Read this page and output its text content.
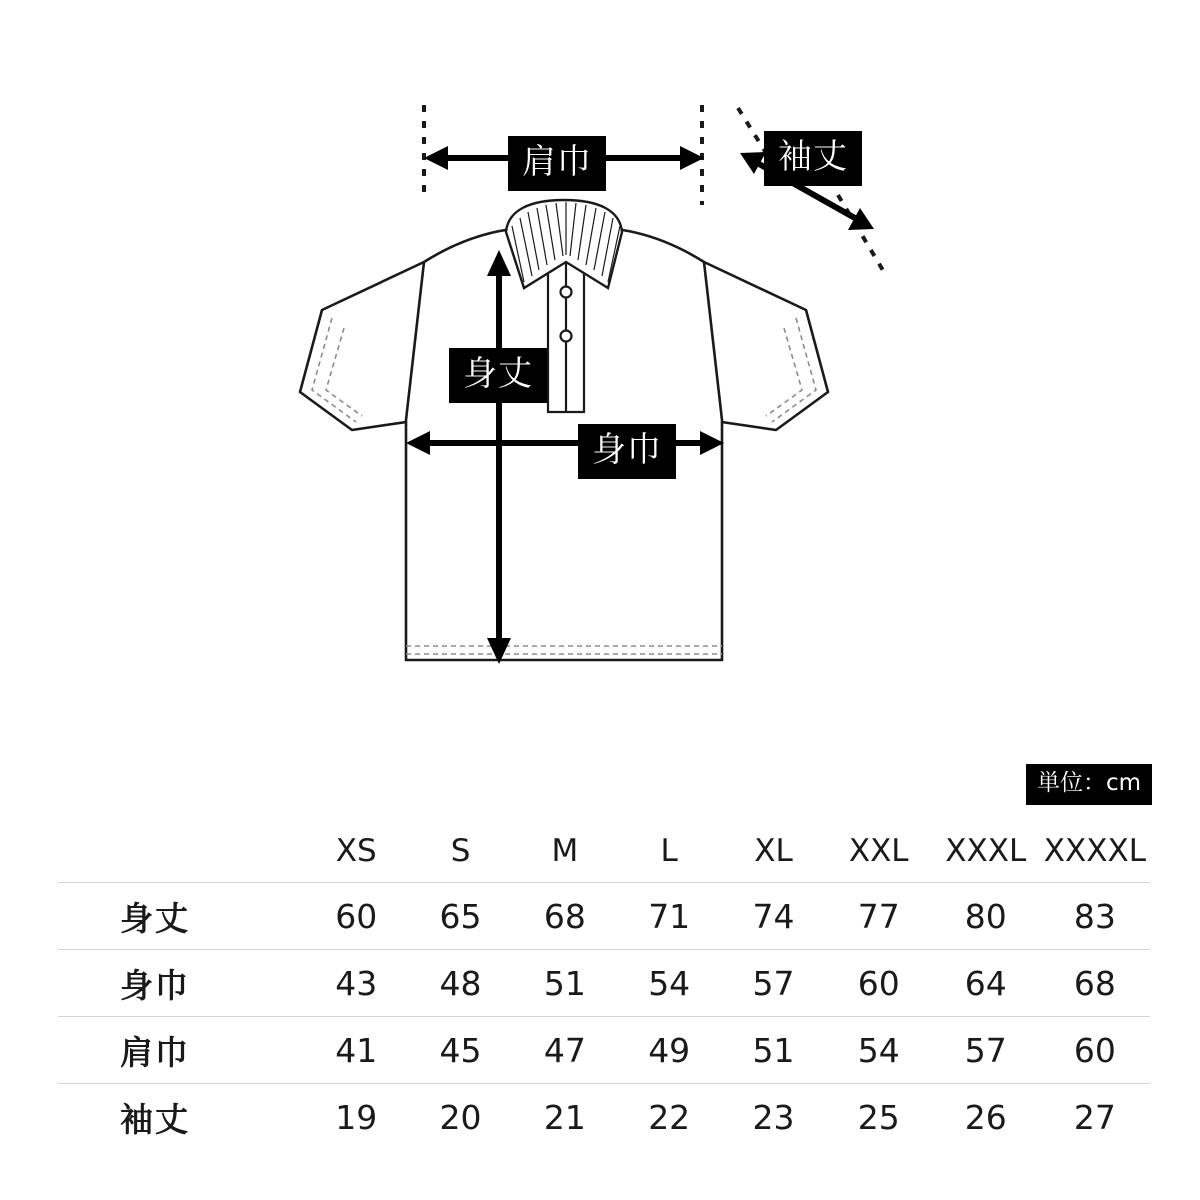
肩巾	袖丈
身丈
身巾
単位：cm
	XS	S	M	L	XL	XXL	XXXL	XXXXL
身丈	60	65	68	71	74	77	80	83
身巾	43	48	51	54	57	60	64	68
肩巾	41	45	47	49	51	54	57	60
袖丈	19	20	21	22	23	25	26	27
